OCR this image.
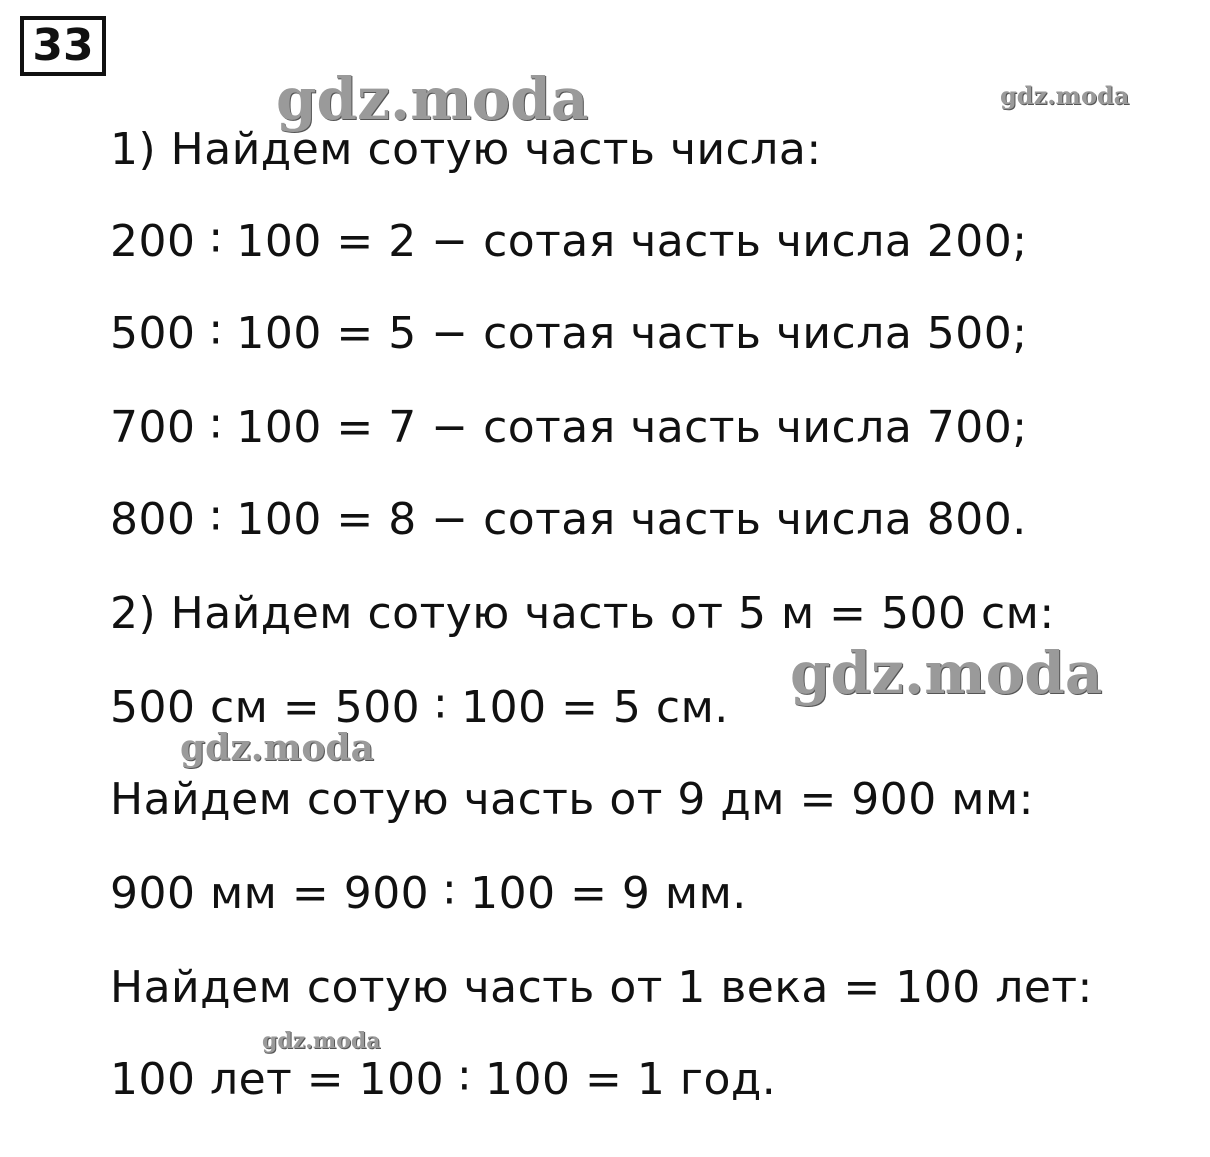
33
1) Найдем сотую часть числа:
200 ∶ 100 = 2 − сотая часть числа 200;
500 ∶ 100 = 5 − сотая часть числа 500;
700 ∶ 100 = 7 − сотая часть числа 700;
800 ∶ 100 = 8 − сотая часть числа 800.
2) Найдем сотую часть от 5 м = 500 см:
500 см = 500 ∶ 100 = 5 см.
Найдем сотую часть от 9 дм = 900 мм:
900 мм = 900 ∶ 100 = 9 мм.
Найдем сотую часть от 1 века = 100 лет:
100 лет = 100 ∶ 100 = 1 год.
gdz.moda	gdz.moda
gdz.moda
gdz.moda
gdz.moda
